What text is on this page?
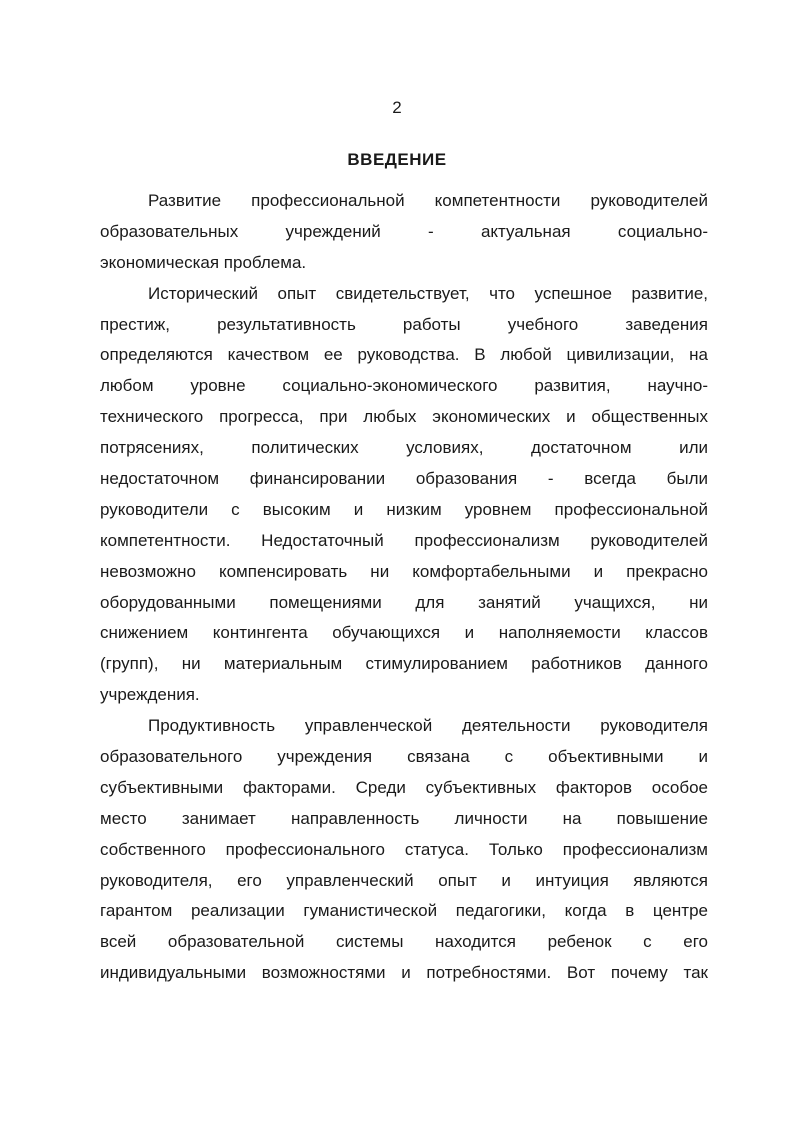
2

ВВЕДЕНИЕ
Развитие профессиональной компетентности руководителей
образовательных учреждений - актуальная социально-
экономическая проблема.
Исторический опыт свидетельствует, что успешное развитие,
престиж, результативность работы учебного заведения
определяются качеством ее руководства. В любой цивилизации, на
любом уровне социально-экономического развития, научно-
технического прогресса, при любых экономических и общественных
потрясениях, политических условиях, достаточном или
недостаточном финансировании образования - всегда были
руководители с высоким и низким уровнем профессиональной
компетентности. Недостаточный профессионализм руководителей
невозможно компенсировать ни комфортабельными и прекрасно
оборудованными помещениями для занятий учащихся, ни
снижением контингента обучающихся и наполняемости классов
(групп), ни материальным стимулированием работников данного
учреждения.
Продуктивность управленческой деятельности руководителя
образовательного учреждения связана с объективными и
субъективными факторами. Среди субъективных факторов особое
место занимает направленность личности на повышение
собственного профессионального статуса. Только профессионализм
руководителя, его управленческий опыт и интуиция являются
гарантом реализации гуманистической педагогики, когда в центре
всей образовательной системы находится ребенок с его
индивидуальными возможностями и потребностями. Вот почему так
